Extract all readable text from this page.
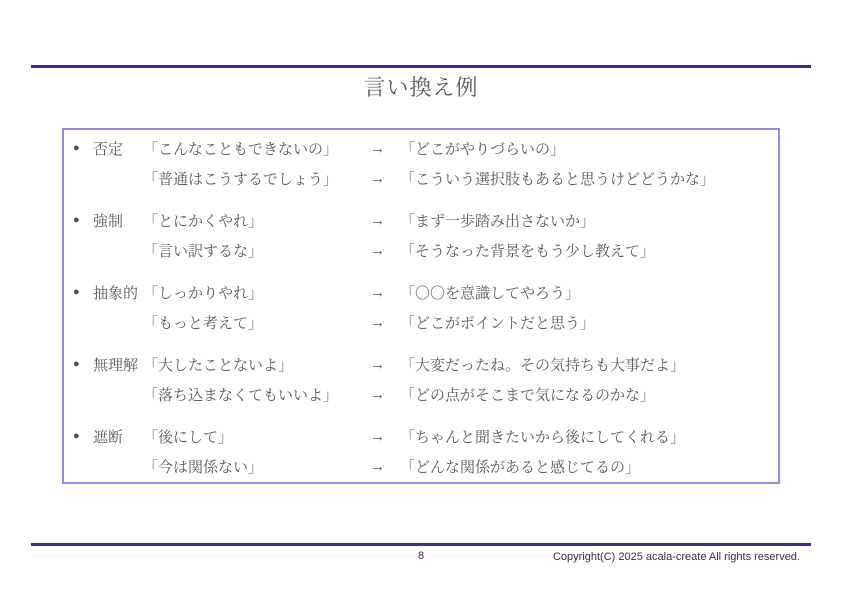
言い換え例
● 否定	「こんなこともできないの」	→	「どこがやりづらいの」
「普通はこうするでしょう」	→	「こういう選択肢もあると思うけどどうかな」
● 強制	「とにかくやれ」	→	「まず一歩踏み出さないか」
「言い訳するな」	→	「そうなった背景をもう少し教えて」
● 抽象的 「しっかりやれ」	→	「〇〇を意識してやろう」
「もっと考えて」	→	「どこがポイントだと思う」
● 無理解 「大したことないよ」	→	「大変だったね。その気持ちも大事だよ」
「落ち込まなくてもいいよ」	→	「どの点がそこまで気になるのかな」
● 遮断	「後にして」	→	「ちゃんと聞きたいから後にしてくれる」
「今は関係ない」	→	「どんな関係があると感じてるの」
8	Copyright(C) 2025 acala-create All rights reserved.
